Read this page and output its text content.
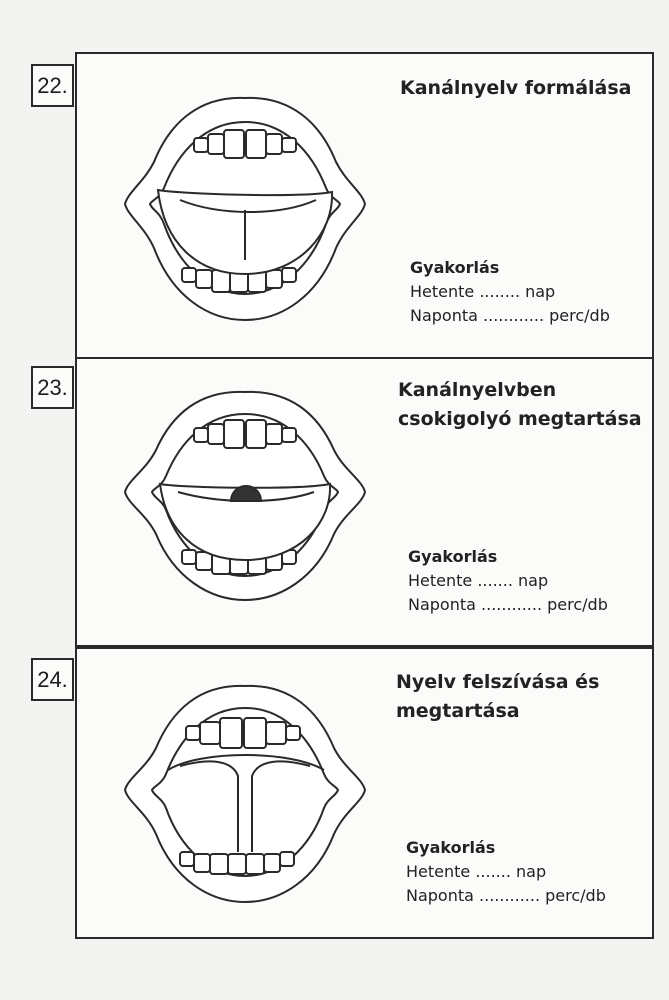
22.	Kanálnyelv formálása
Gyakorlás
Hetente ........ nap
Naponta ............ perc/db
23.	Kanálnyelvben
csokigolyó megtartása
Gyakorlás
Hetente ....... nap
Naponta ............ perc/db
24.	Nyelv felszívása és
megtartása
Gyakorlás
Hetente ....... nap
Naponta ............ perc/db
